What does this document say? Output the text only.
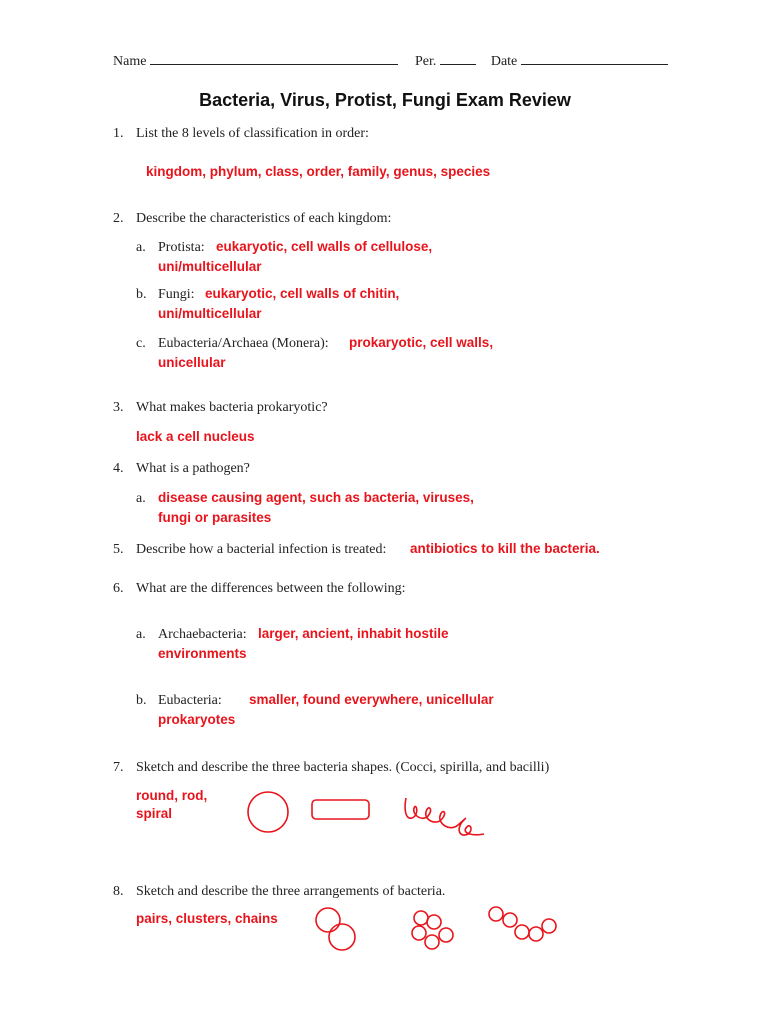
Name	Per.	Date
Bacteria, Virus, Protist, Fungi Exam Review
1. List the 8 levels of classification in order:
kingdom, phylum, class, order, family, genus, species
2. Describe the characteristics of each kingdom:
a. Protista: eukaryotic, cell walls of cellulose,
uni/multicellular
b. Fungi: eukaryotic, cell walls of chitin,
uni/multicellular
c. Eubacteria/Archaea (Monera): prokaryotic, cell walls,
unicellular
3. What makes bacteria prokaryotic?
lack a cell nucleus
4. What is a pathogen?
a. disease causing agent, such as bacteria, viruses,
fungi or parasites
5. Describe how a bacterial infection is treated: antibiotics to kill the bacteria.
6. What are the differences between the following:
a. Archaebacteria: larger, ancient, inhabit hostile
environments
b. Eubacteria: smaller, found everywhere, unicellular
prokaryotes
7. Sketch and describe the three bacteria shapes. (Cocci, spirilla, and bacilli)
round, rod,
spiral
8. Sketch and describe the three arrangements of bacteria.
pairs, clusters, chains
